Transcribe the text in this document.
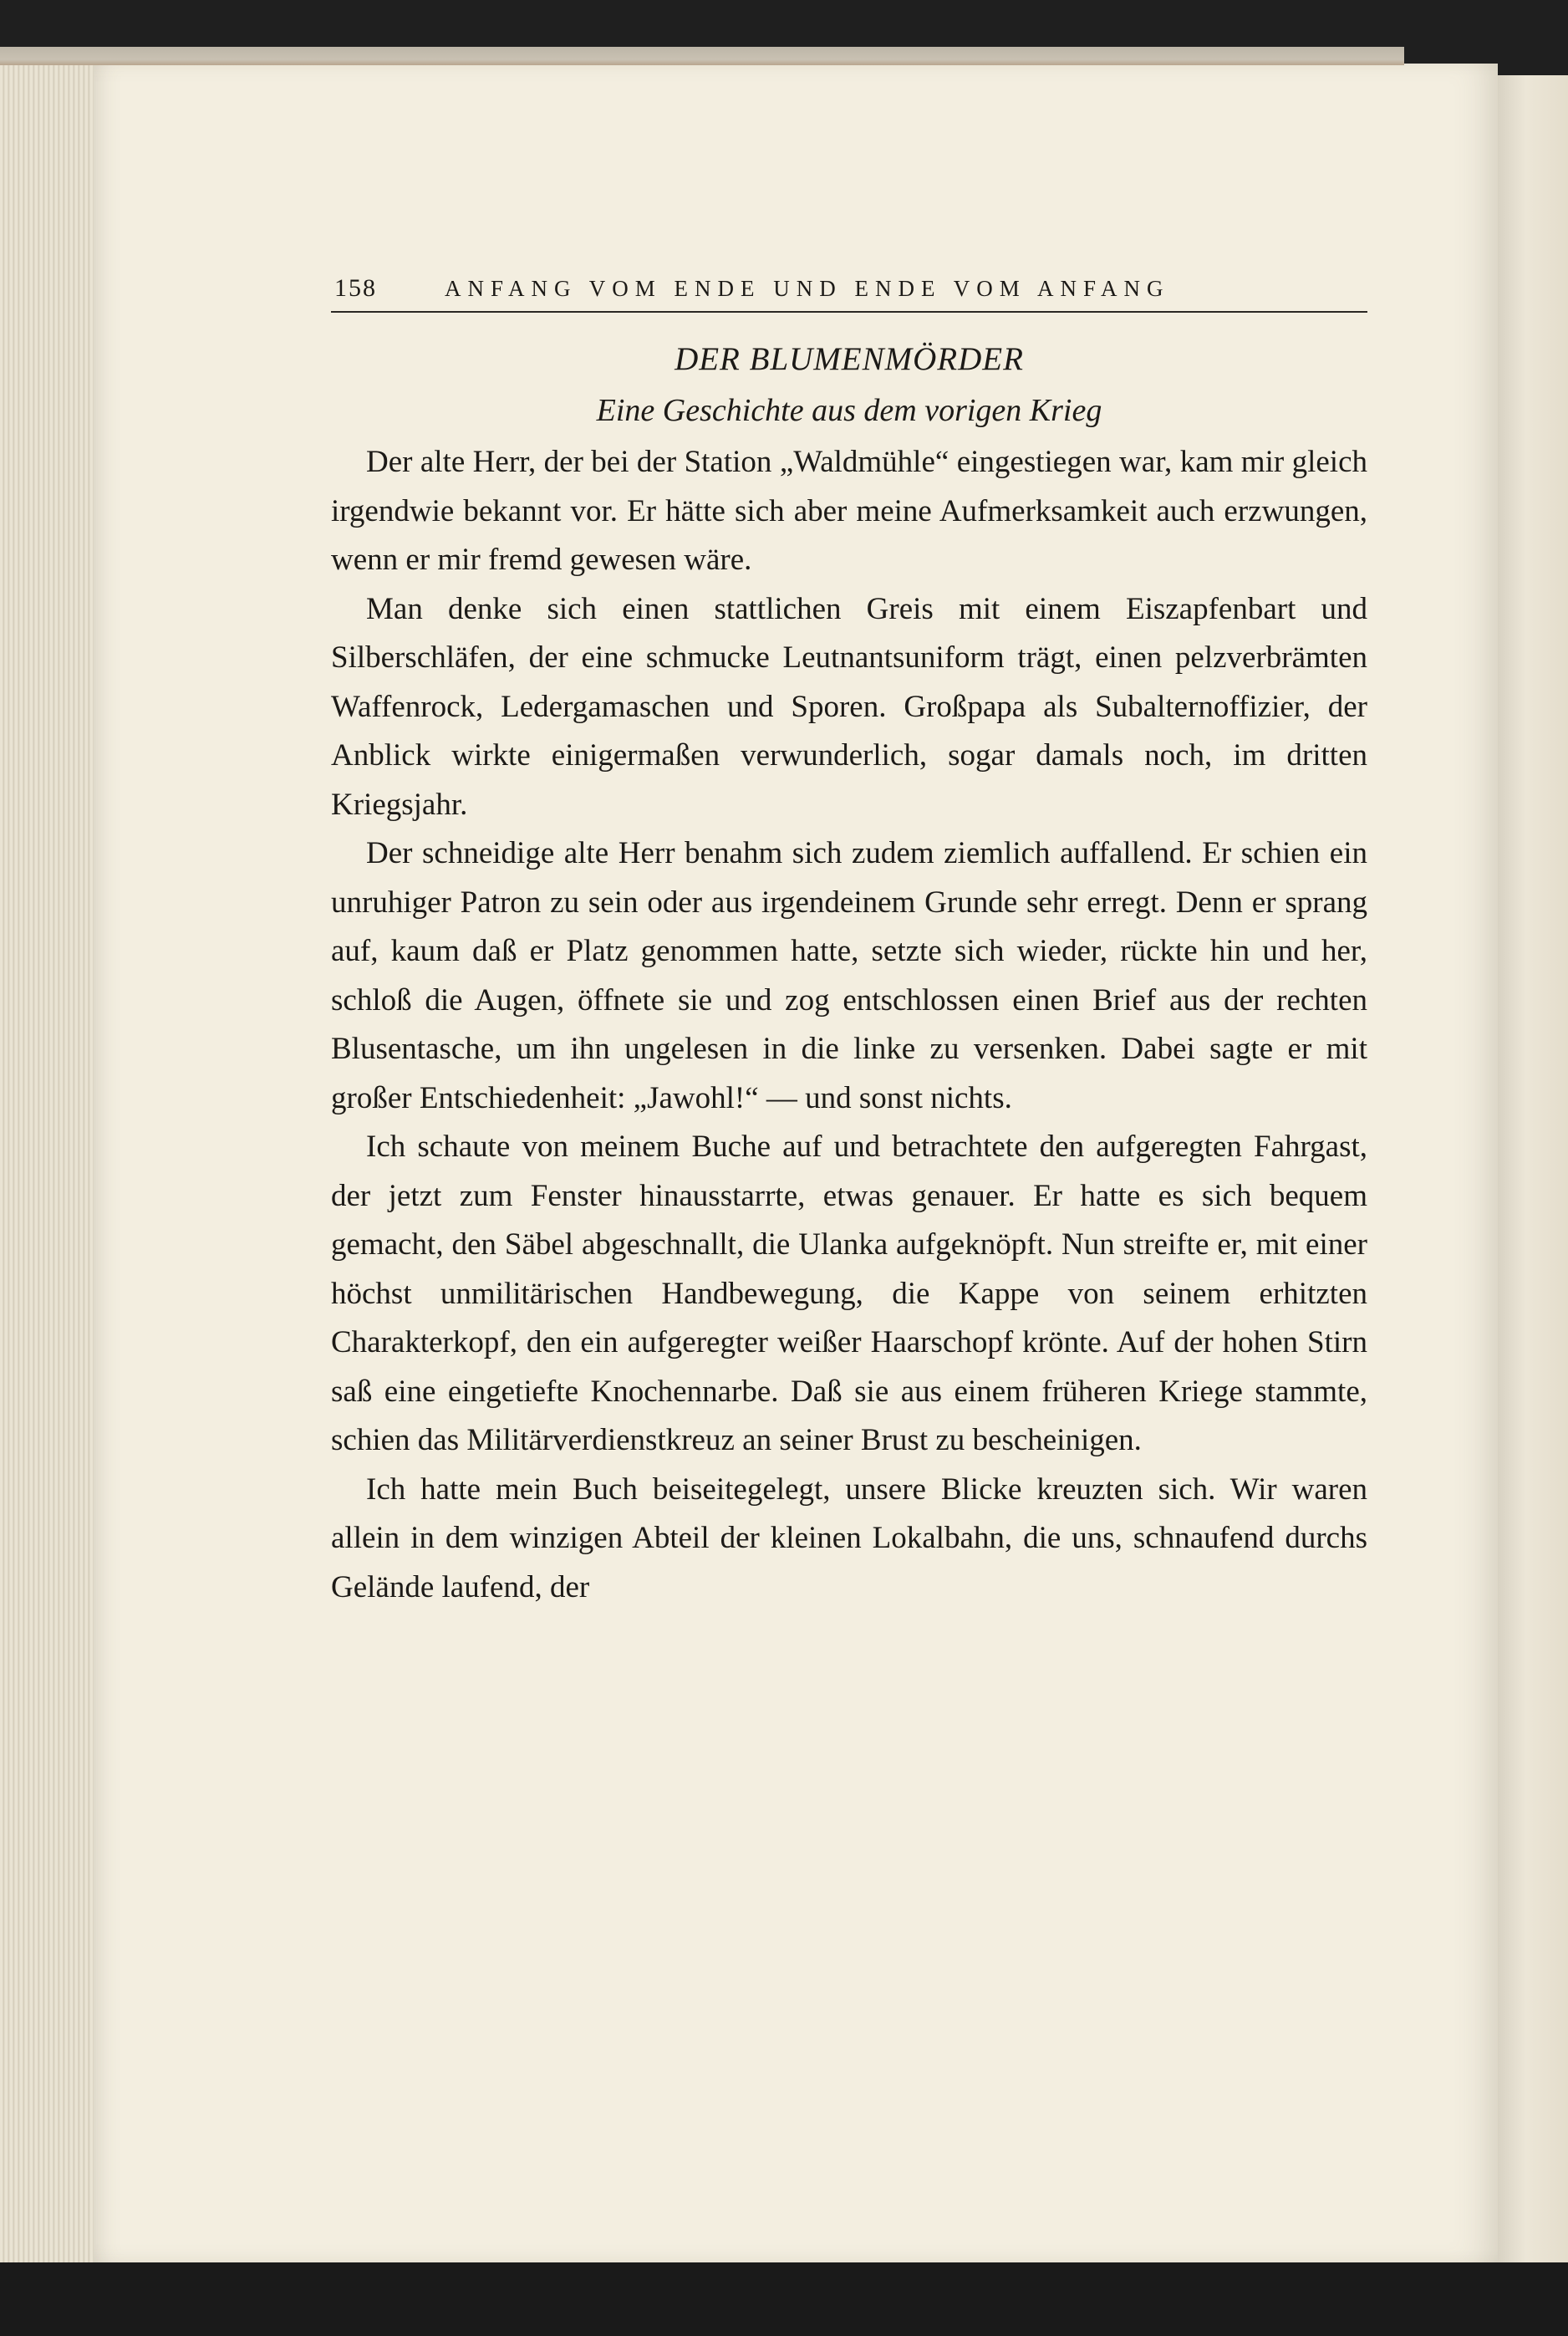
158	ANFANG VOM ENDE UND ENDE VOM ANFANG
DER BLUMENMÖRDER
Eine Geschichte aus dem vorigen Krieg

Der alte Herr, der bei der Station „Waldmühle“ eingestiegen war, kam mir gleich irgendwie bekannt vor. Er hätte sich aber meine Aufmerksamkeit auch erzwungen, wenn er mir fremd gewesen wäre.

Man denke sich einen stattlichen Greis mit einem Eiszapfenbart und Silberschläfen, der eine schmucke Leutnantsuniform trägt, einen pelzverbrämten Waffenrock, Ledergamaschen und Sporen. Großpapa als Subalternoffizier, der Anblick wirkte einigermaßen verwunderlich, sogar damals noch, im dritten Kriegsjahr.

Der schneidige alte Herr benahm sich zudem ziemlich auffallend. Er schien ein unruhiger Patron zu sein oder aus irgendeinem Grunde sehr erregt. Denn er sprang auf, kaum daß er Platz genommen hatte, setzte sich wieder, rückte hin und her, schloß die Augen, öffnete sie und zog entschlossen einen Brief aus der rechten Blusentasche, um ihn ungelesen in die linke zu versenken. Dabei sagte er mit großer Entschiedenheit: „Jawohl!“ — und sonst nichts.

Ich schaute von meinem Buche auf und betrachtete den aufgeregten Fahrgast, der jetzt zum Fenster hinausstarrte, etwas genauer. Er hatte es sich bequem gemacht, den Säbel abgeschnallt, die Ulanka aufgeknöpft. Nun streifte er, mit einer höchst unmilitärischen Handbewegung, die Kappe von seinem erhitzten Charakterkopf, den ein aufgeregter weißer Haarschopf krönte. Auf der hohen Stirn saß eine eingetiefte Knochennarbe. Daß sie aus einem früheren Kriege stammte, schien das Militärverdienstkreuz an seiner Brust zu bescheinigen.

Ich hatte mein Buch beiseitegelegt, unsere Blicke kreuzten sich. Wir waren allein in dem winzigen Abteil der kleinen Lokalbahn, die uns, schnaufend durchs Gelände laufend, der
